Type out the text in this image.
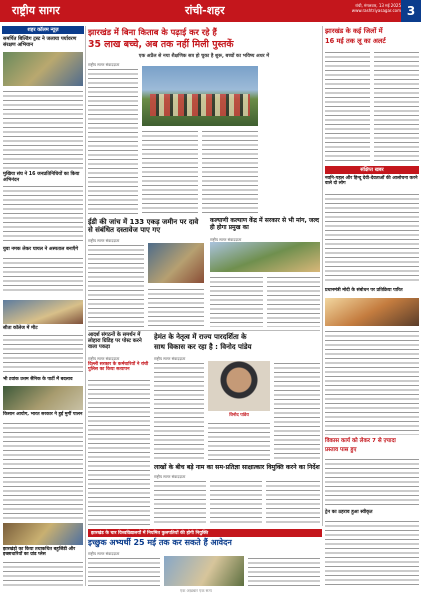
राष्ट्रीय सागर	रांची-शहर	रांची, मंगलवार, 13 मई 2025
www.rashtriyasagar.com 3
शहर कॉलम न्यूज़
समर्पित बिल्डिंग ट्रस्ट ने जलाया पर्यावरण संरक्षण अभियान
मुखिया संघ ने 16 जनप्रतिनिधियों का किया अभिनंदन
युवा नमक लेकर घायल ने अस्पताल बनाएँगे
सीता कॉलेज में मीट
भी टवांक उत्तम सैनिक के पार्टी में बदलाव
किसान आयोग, भारत सरकार ने हुई मुर्गी पालन
झारखंड़ो का किया तथाकथित बहुजिंडी और इच्छाधारियों का ग्रांड प्लेस
झारखंड में बिना किताब के पढ़ाई कर रहे हैं
35 लाख बच्चे, अब तक नहीं मिली पुस्तकें
एक अप्रैल से नया शैक्षणिक सत्र हो चुका है शुरू, बच्चों का भविष्य अधर में
राष्ट्रीय सागर संवाददाता
ईडी की जांच में 133 एकड़ जमीन पर दावे से संबंधित दस्तावेज पाए गए
राष्ट्रीय सागर संवाददाता
कल्याणी कल्याण केंद्र में सरकार से भी मांग, जल्द ही होगा प्रमुख का
राष्ट्रीय सागर संवाददाता
आदर्श संगठनों के समर्थन में लोहारा ग्रिडिह पर पोस्ट करने वाला पकड़ा
राष्ट्रीय सागर संवाददाता
दिल्‍ली सरकार के कर्मचारियों ने रांची पुलिस का किया सत्यापन
हेमंत के नेतृत्व में राज्य पारदर्शिता के
साथ विकास कर रहा है : विनोद पांडेय
राष्ट्रीय सागर संवाददाता
विनोद पांडेय
लाखों के बीच बड़े नाम का सम-प्रतिज्ञा साक्षात्कार विमुक्ति करने का निर्देश
राष्ट्रीय सागर संवाददाता
झारखंड के कई जिलों में
16 मई तक लू का अलर्ट
संक्षिप्त खबर
नवनि-पहल और हिन्दू देवी-देवताओं की आलोचना करने वाले दो लोग
प्रधानमंत्री मोदी के संबोधन पर प्रतिक्रिया पारित
विकास कार्य को लेकर 7 से ज़्यादा
प्रस्ताव पास हुए
ट्रेन का ठहराव हुआ स्वीकृत
झारखंड के चार विश्वविद्यालयों में नियमित कुलपतियों की होगी नियुक्ति
इच्छुक अभ्यर्थी 25 मई तक कर सकते हैं आवेदन
राष्ट्रीय सागर संवाददाता
एक अख़बार एक सत्य
